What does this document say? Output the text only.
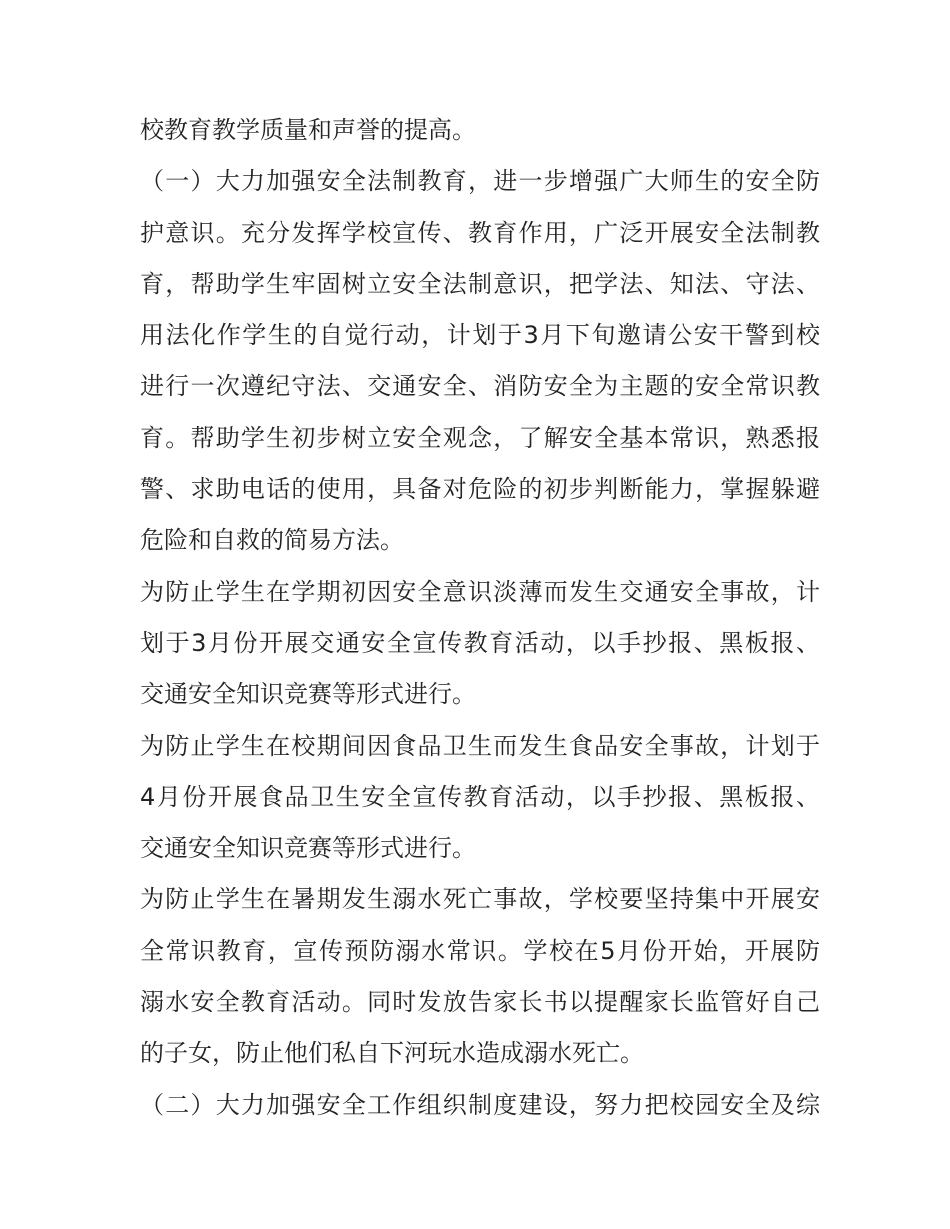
校教育教学质量和声誉的提高。
（一）大力加强安全法制教育，进一步增强广大师生的安全防
护意识。充分发挥学校宣传、教育作用，广泛开展安全法制教
育，帮助学生牢固树立安全法制意识，把学法、知法、守法、
用法化作学生的自觉行动，计划于3月下旬邀请公安干警到校
进行一次遵纪守法、交通安全、消防安全为主题的安全常识教
育。帮助学生初步树立安全观念，了解安全基本常识，熟悉报
警、求助电话的使用，具备对危险的初步判断能力，掌握躲避
危险和自救的简易方法。
为防止学生在学期初因安全意识淡薄而发生交通安全事故，计
划于3月份开展交通安全宣传教育活动，以手抄报、黑板报、
交通安全知识竞赛等形式进行。
为防止学生在校期间因食品卫生而发生食品安全事故，计划于
4月份开展食品卫生安全宣传教育活动，以手抄报、黑板报、
交通安全知识竞赛等形式进行。
为防止学生在暑期发生溺水死亡事故，学校要坚持集中开展安
全常识教育，宣传预防溺水常识。学校在5月份开始，开展防
溺水安全教育活动。同时发放告家长书以提醒家长监管好自己
的子女，防止他们私自下河玩水造成溺水死亡。
（二）大力加强安全工作组织制度建设，努力把校园安全及综
